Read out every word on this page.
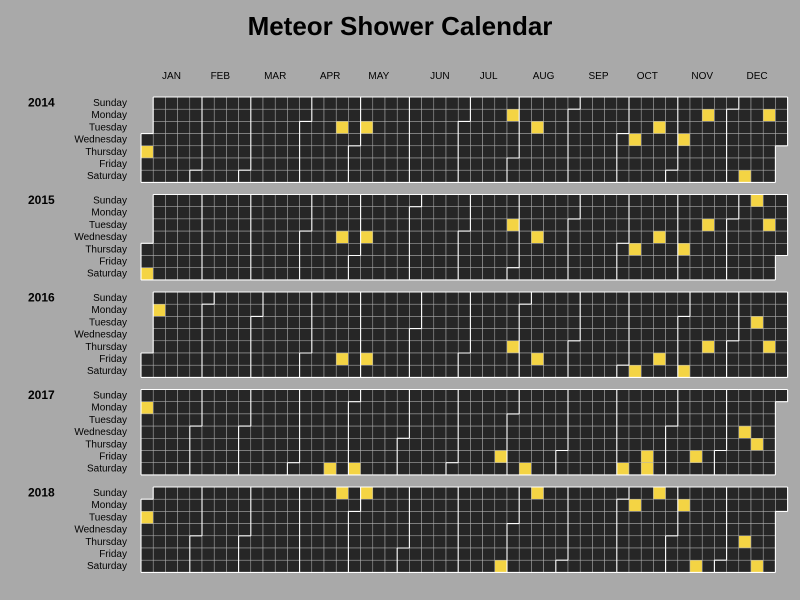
Meteor Shower Calendar
JAN	FEB	MAR	APR	MAY	JUN	JUL	AUG	SEP	OCT	NOV	DEC
2014	Sunday
Monday
Tuesday
Wednesday
Thursday
Friday
Saturday
2015	Sunday
Monday
Tuesday
Wednesday
Thursday
Friday
Saturday
2016	Sunday
Monday
Tuesday
Wednesday
Thursday
Friday
Saturday
2017	Sunday
Monday
Tuesday
Wednesday
Thursday
Friday
Saturday
2018	Sunday
Monday
Tuesday
Wednesday
Thursday
Friday
Saturday
